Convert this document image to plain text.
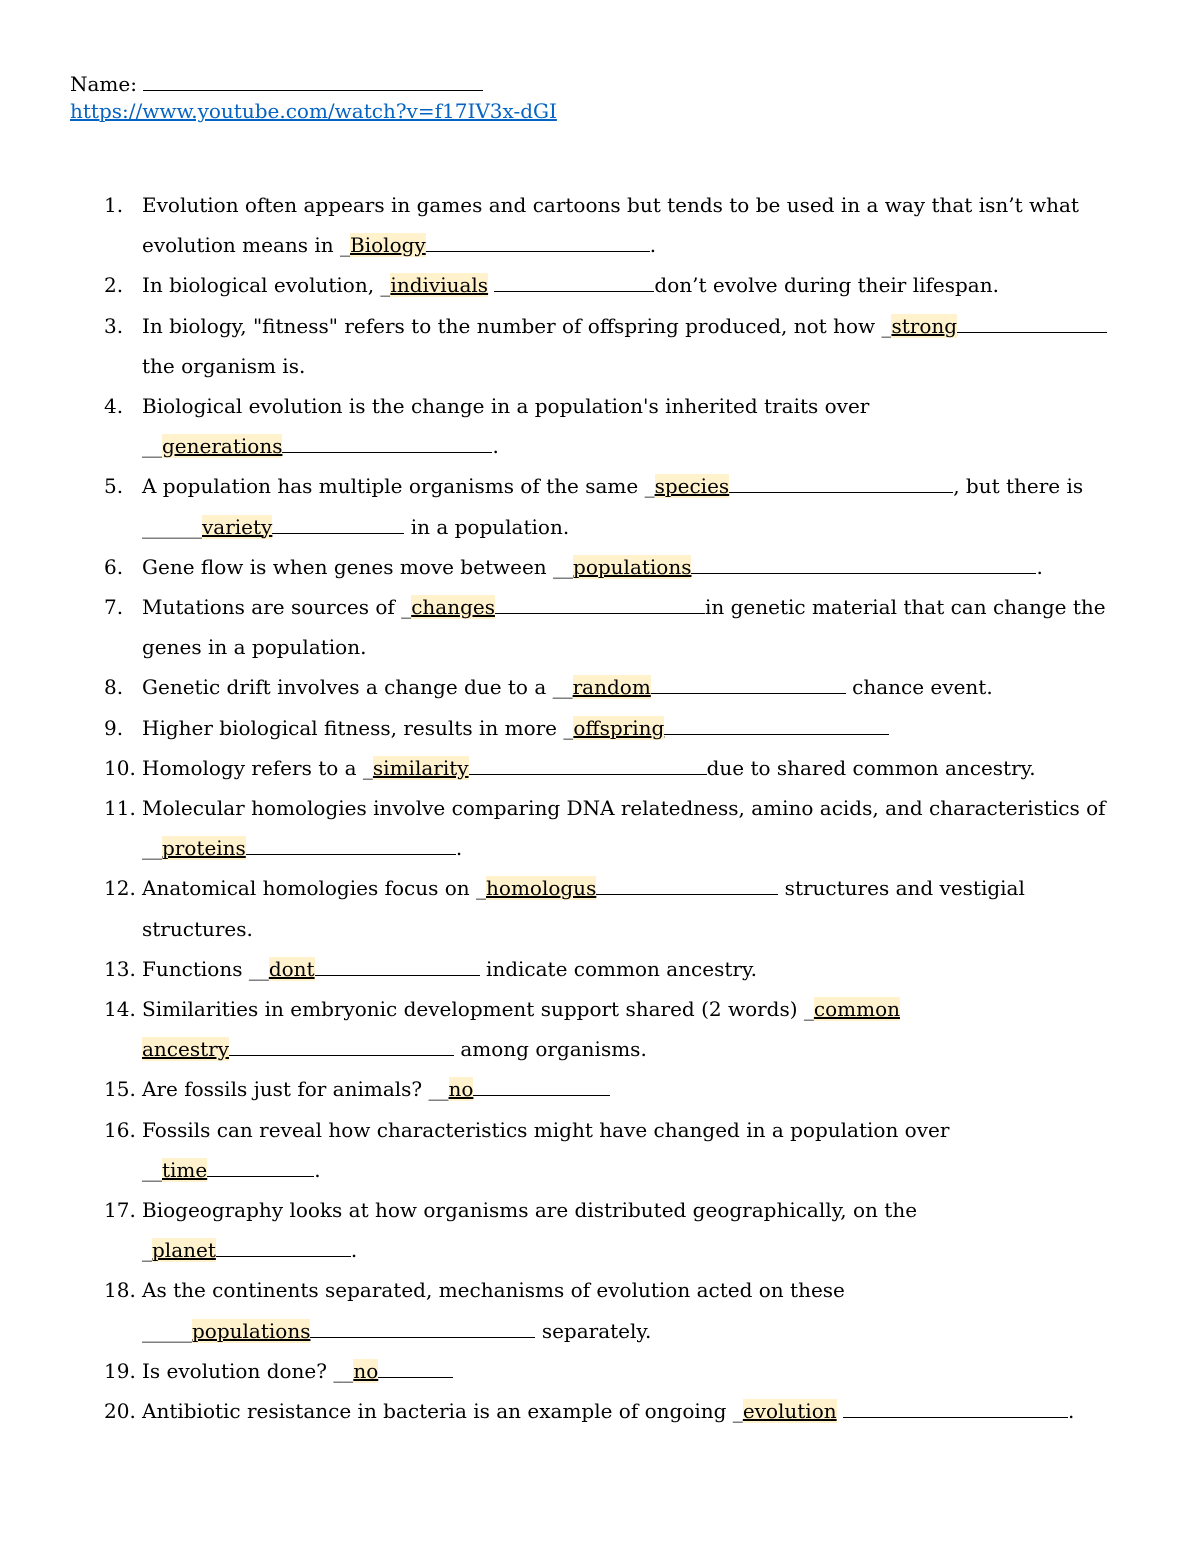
Name:
https://www.youtube.com/watch?v=f17IV3x-dGI
1. Evolution often appears in games and cartoons but tends to be used in a way that isn’t what
evolution means in _Biology	.
2. In biological evolution, _indiviuals	don’t evolve during their lifespan.
3. In biology, "fitness" refers to the number of offspring produced, not how _strong
the organism is.
4. Biological evolution is the change in a population's inherited traits over
__generations	.
5. A population has multiple organisms of the same _species	, but there is
______variety	in a population.
6. Gene flow is when genes move between __populations	.
7. Mutations are sources of _changes	in genetic material that can change the
genes in a population.
8. Genetic drift involves a change due to a __random	chance event.
9. Higher biological fitness, results in more _offspring
10. Homology refers to a _similarity	due to shared common ancestry.
11. Molecular homologies involve comparing DNA relatedness, amino acids, and characteristics of
__proteins	.
12. Anatomical homologies focus on _homologus	structures and vestigial
structures.
13. Functions __dont	indicate common ancestry.
14. Similarities in embryonic development support shared (2 words) _common
ancestry	among organisms.
15. Are fossils just for animals? __no
16. Fossils can reveal how characteristics might have changed in a population over
__time	.
17. Biogeography looks at how organisms are distributed geographically, on the
_planet	.
18. As the continents separated, mechanisms of evolution acted on these
_____populations	separately.
19. Is evolution done? __no
20. Antibiotic resistance in bacteria is an example of ongoing _evolution	.
